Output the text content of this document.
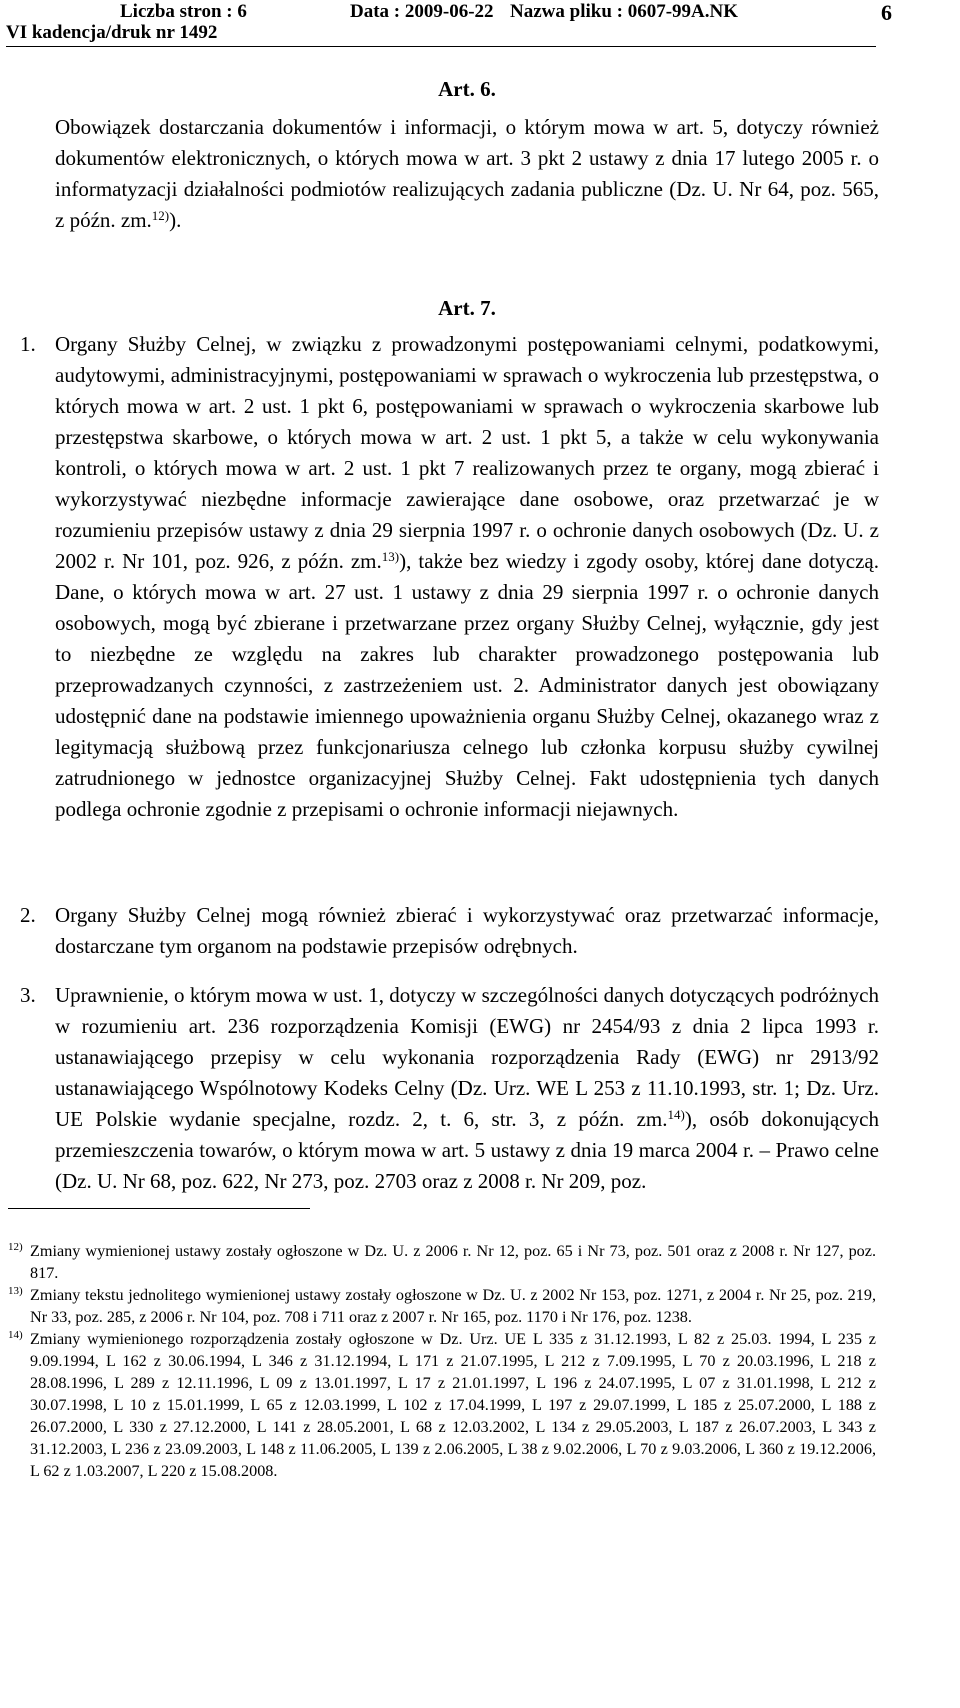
Liczba stron : 6	Data : 2009-06-22 Nazwa pliku : 0607-99A.NK
VI kadencja/druk nr 1492
6
Art. 6.

Obowiązek dostarczania dokumentów i informacji, o którym mowa w art. 5, dotyczy również dokumentów elektronicznych, o których mowa w art. 3 pkt 2 ustawy z dnia 17 lutego 2005 r. o informatyzacji działalności podmiotów realizujących zadania publiczne (Dz. U. Nr 64, poz. 565, z późn. zm.$^{12)}$).

Art. 7.
1. Organy Służby Celnej, w związku z prowadzonymi postępowaniami celnymi, podatkowymi, audytowymi, administracyjnymi, postępowaniami w sprawach o wykroczenia lub przestępstwa, o których mowa w art. 2 ust. 1 pkt 6, postępowaniami w sprawach o wykroczenia skarbowe lub przestępstwa skarbowe, o których mowa w art. 2 ust. 1 pkt 5, a także w celu wykonywania kontroli, o których mowa w art. 2 ust. 1 pkt 7 realizowanych przez te organy, mogą zbierać i wykorzystywać niezbędne informacje zawierające dane osobowe, oraz przetwarzać je w rozumieniu przepisów ustawy z dnia 29 sierpnia 1997 r. o ochronie danych osobowych (Dz. U. z 2002 r. Nr 101, poz. 926, z późn. zm.$^{13)}$), także bez wiedzy i zgody osoby, której dane dotyczą. Dane, o których mowa w art. 27 ust. 1 ustawy z dnia 29 sierpnia 1997 r. o ochronie danych osobowych, mogą być zbierane i przetwarzane przez organy Służby Celnej, wyłącznie, gdy jest to niezbędne ze względu na zakres lub charakter prowadzonego postępowania lub przeprowadzanych czynności, z zastrzeżeniem ust. 2. Administrator danych jest obowiązany udostępnić dane na podstawie imiennego upoważnienia organu Służby Celnej, okazanego wraz z legitymacją służbową przez funkcjonariusza celnego lub członka korpusu służby cywilnej zatrudnionego w jednostce organizacyjnej Służby Celnej. Fakt udostępnienia tych danych podlega ochronie zgodnie z przepisami o ochronie informacji niejawnych.

2. Organy Służby Celnej mogą również zbierać i wykorzystywać oraz przetwarzać informacje, dostarczane tym organom na podstawie przepisów odrębnych.

3. Uprawnienie, o którym mowa w ust. 1, dotyczy w szczególności danych dotyczących podróżnych w rozumieniu art. 236 rozporządzenia Komisji (EWG) nr 2454/93 z dnia 2 lipca 1993 r. ustanawiającego przepisy w celu wykonania rozporządzenia Rady (EWG) nr 2913/92 ustanawiającego Wspólnotowy Kodeks Celny (Dz. Urz. WE L 253 z 11.10.1993, str. 1; Dz. Urz. UE Polskie wydanie specjalne, rozdz. 2, t. 6, str. 3, z późn. zm.$^{14)}$), osób dokonujących przemieszczenia towarów, o którym mowa w art. 5 ustawy z dnia 19 marca 2004 r. – Prawo celne (Dz. U. Nr 68, poz. 622, Nr 273, poz. 2703 oraz z 2008 r. Nr 209, poz.

12) Zmiany wymienionej ustawy zostały ogłoszone w Dz. U. z 2006 r. Nr 12, poz. 65 i Nr 73, poz. 501 oraz z 2008 r. Nr 127, poz. 817.
13) Zmiany tekstu jednolitego wymienionej ustawy zostały ogłoszone w Dz. U. z 2002 Nr 153, poz. 1271, z 2004 r. Nr 25, poz. 219, Nr 33, poz. 285, z 2006 r. Nr 104, poz. 708 i 711 oraz z 2007 r. Nr 165, poz. 1170 i Nr 176, poz. 1238.
14) Zmiany wymienionego rozporządzenia zostały ogłoszone w Dz. Urz. UE L 335 z 31.12.1993, L 82 z 25.03. 1994, L 235 z 9.09.1994, L 162 z 30.06.1994, L 346 z 31.12.1994, L 171 z 21.07.1995, L 212 z 7.09.1995, L 70 z 20.03.1996, L 218 z 28.08.1996, L 289 z 12.11.1996, L 09 z 13.01.1997, L 17 z 21.01.1997, L 196 z 24.07.1995, L 07 z 31.01.1998, L 212 z 30.07.1998, L 10 z 15.01.1999, L 65 z 12.03.1999, L 102 z 17.04.1999, L 197 z 29.07.1999, L 185 z 25.07.2000, L 188 z 26.07.2000, L 330 z 27.12.2000, L 141 z 28.05.2001, L 68 z 12.03.2002, L 134 z 29.05.2003, L 187 z 26.07.2003, L 343 z 31.12.2003, L 236 z 23.09.2003, L 148 z 11.06.2005, L 139 z 2.06.2005, L 38 z 9.02.2006, L 70 z 9.03.2006, L 360 z 19.12.2006, L 62 z 1.03.2007, L 220 z 15.08.2008.
